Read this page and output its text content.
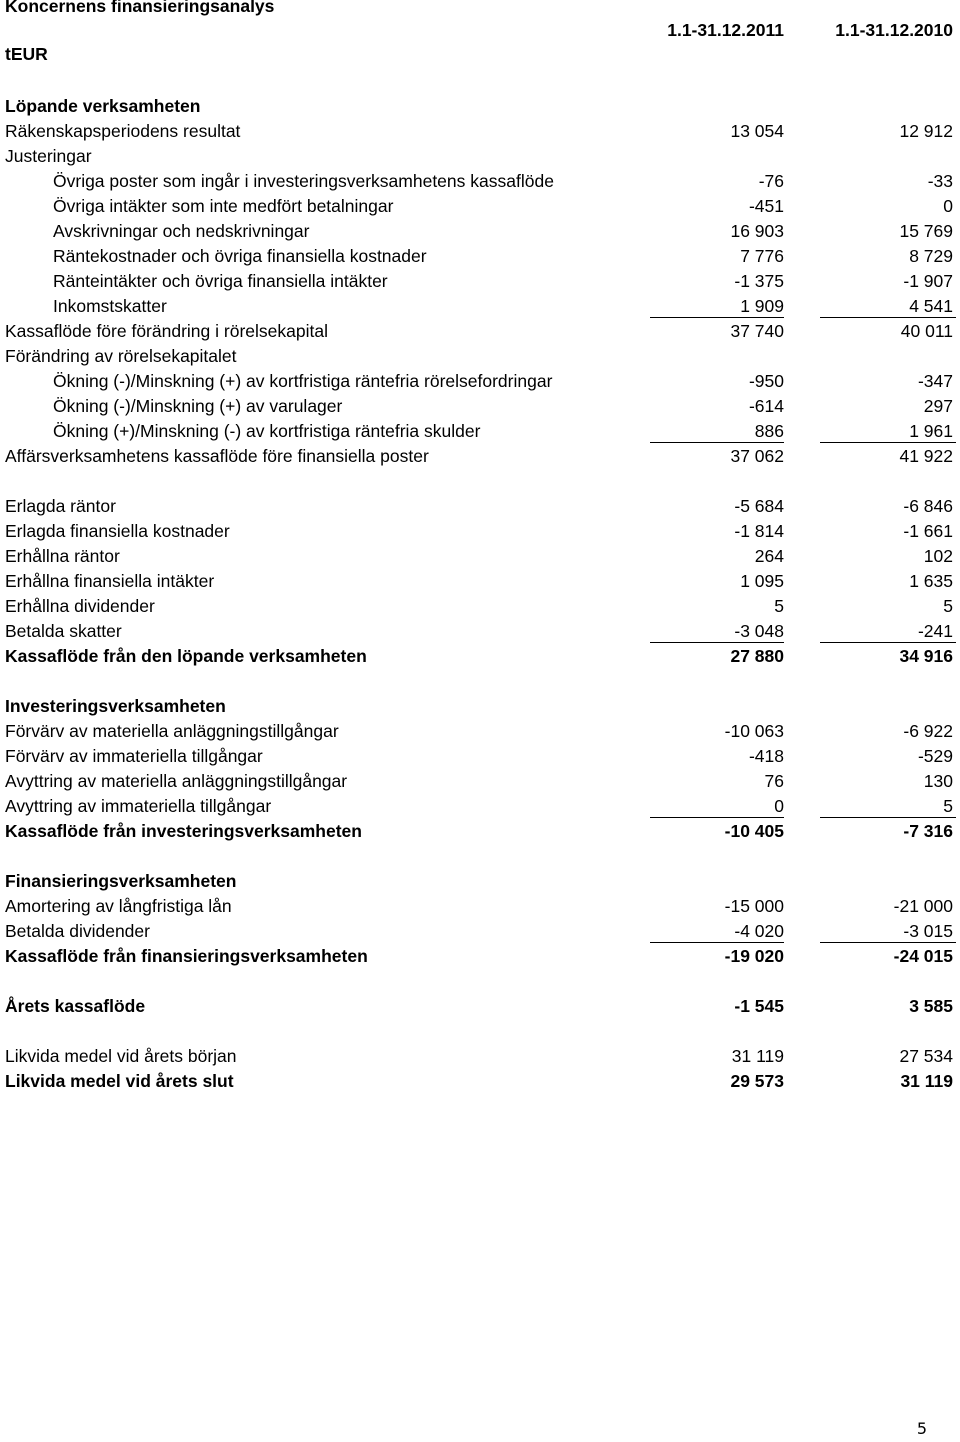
Koncernens finansieringsanalys
tEUR
1.1-31.12.2011	1.1-31.12.2010
Löpande verksamheten
Räkenskapsperiodens resultat	13 054	12 912
Justeringar
Övriga poster som ingår i investeringsverksamhetens kassaflöde	-76	-33
Övriga intäkter som inte medfört betalningar	-451	0
Avskrivningar och nedskrivningar	16 903	15 769
Räntekostnader och övriga finansiella kostnader	7 776	8 729
Ränteintäkter och övriga finansiella intäkter	-1 375	-1 907
Inkomstskatter	1 909	4 541
Kassaflöde före förändring i rörelsekapital	37 740	40 011
Förändring av rörelsekapitalet
Ökning (-)/Minskning (+) av kortfristiga räntefria rörelsefordringar	-950	-347
Ökning (-)/Minskning (+) av varulager	-614	297
Ökning (+)/Minskning (-) av kortfristiga räntefria skulder	886	1 961
Affärsverksamhetens kassaflöde före finansiella poster	37 062	41 922
Erlagda räntor	-5 684	-6 846
Erlagda finansiella kostnader	-1 814	-1 661
Erhållna räntor	264	102
Erhållna finansiella intäkter	1 095	1 635
Erhållna dividender	5	5
Betalda skatter	-3 048	-241
Kassaflöde från den löpande verksamheten	27 880	34 916
Investeringsverksamheten
Förvärv av materiella anläggningstillgångar	-10 063	-6 922
Förvärv av immateriella tillgångar	-418	-529
Avyttring av materiella anläggningstillgångar	76	130
Avyttring av immateriella tillgångar	0	5
Kassaflöde från investeringsverksamheten	-10 405	-7 316
Finansieringsverksamheten
Amortering av långfristiga lån	-15 000	-21 000
Betalda dividender	-4 020	-3 015
Kassaflöde från finansieringsverksamheten	-19 020	-24 015
Årets kassaflöde	-1 545	3 585
Likvida medel vid årets början	31 119	27 534
Likvida medel vid årets slut	29 573	31 119
5
